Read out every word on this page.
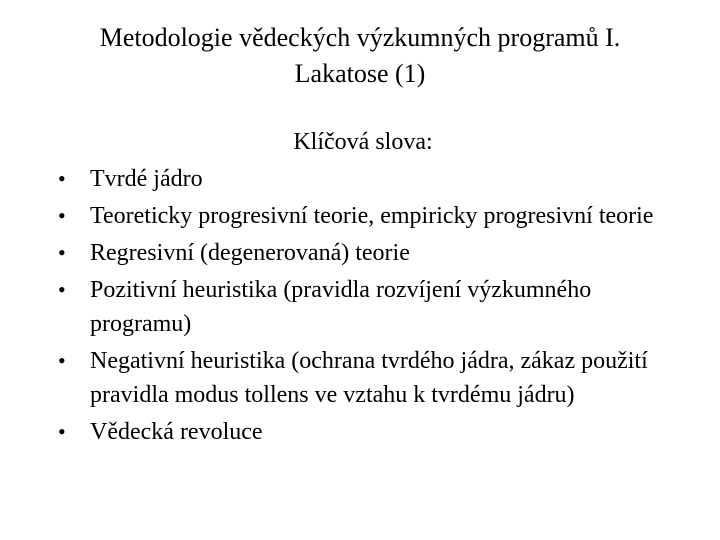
Metodologie vědeckých výzkumných programů I. Lakatose (1)
Klíčová slova:
• Tvrdé jádro
• Teoreticky progresivní teorie, empiricky progresivní teorie
• Regresivní (degenerovaná) teorie
• Pozitivní heuristika (pravidla rozvíjení výzkumného programu)
• Negativní heuristika (ochrana tvrdého jádra, zákaz použití pravidla modus tollens ve vztahu k tvrdému jádru)
• Vědecká revoluce
